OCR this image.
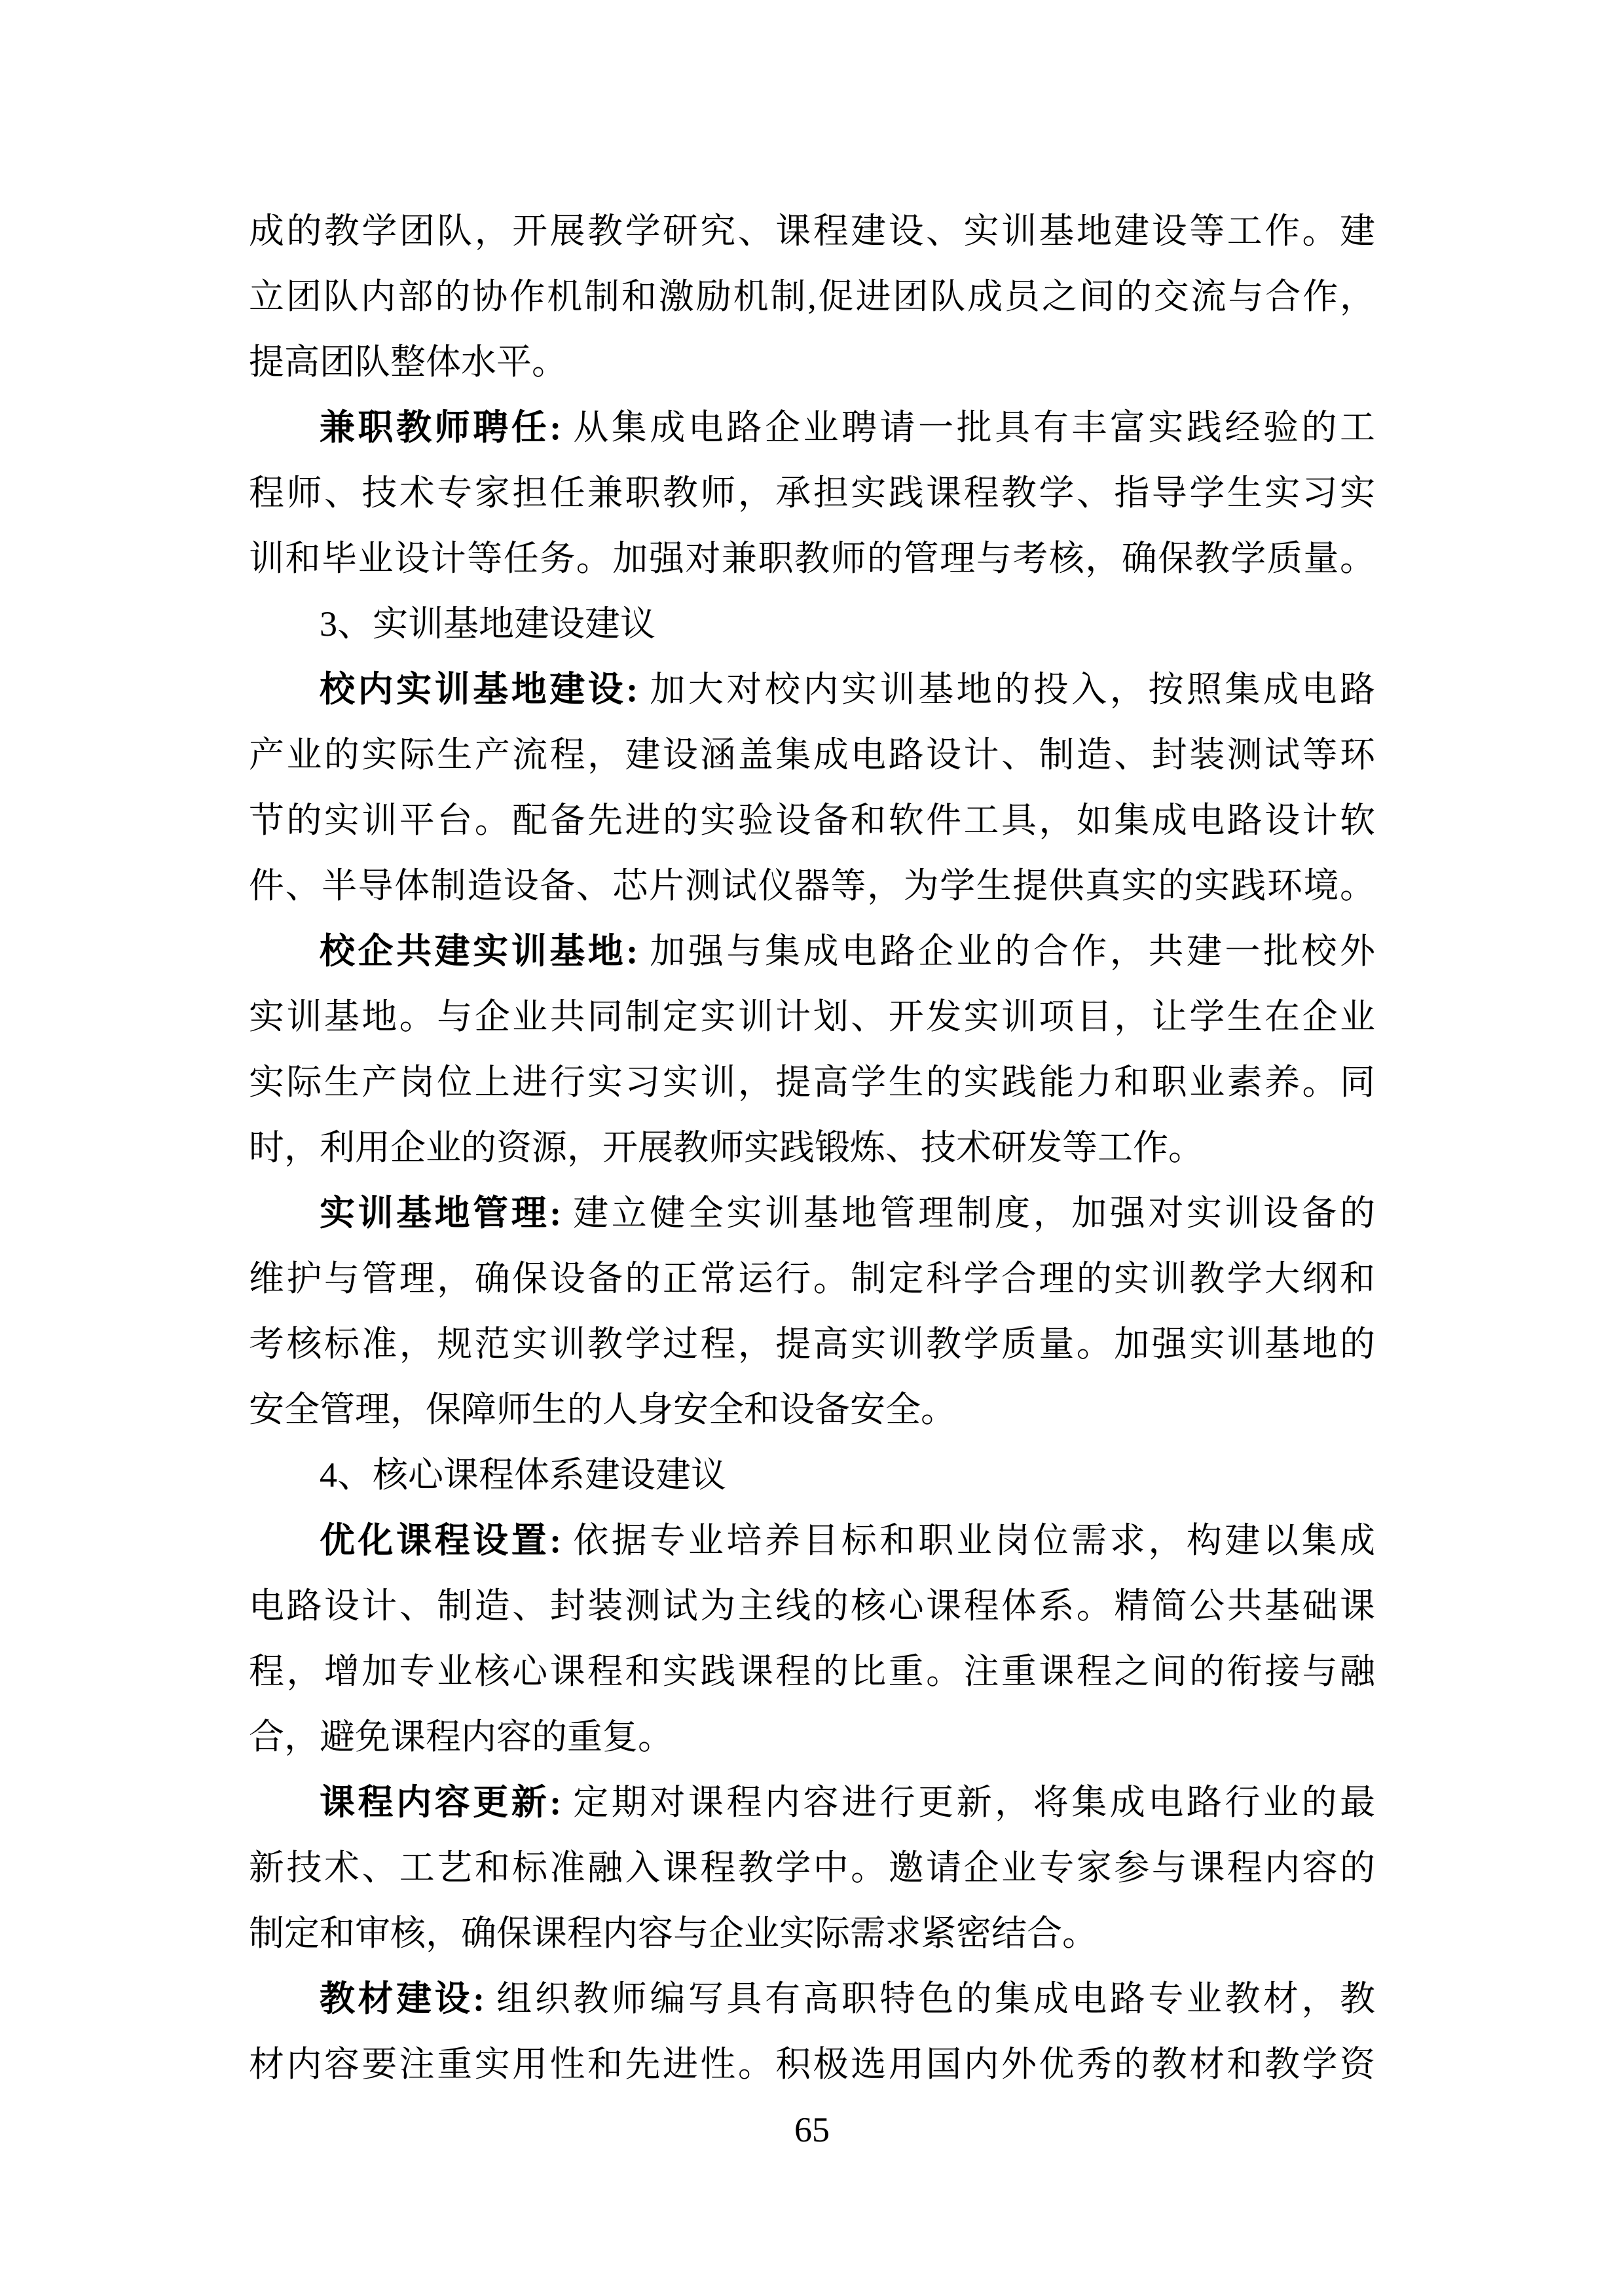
成的教学团队，开展教学研究、课程建设、实训基地建设等工作。建
立团队内部的协作机制和激励机制,促进团队成员之间的交流与合作，
提高团队整体水平。
兼职教师聘任: 从集成电路企业聘请一批具有丰富实践经验的工
程师、技术专家担任兼职教师，承担实践课程教学、指导学生实习实
训和毕业设计等任务。加强对兼职教师的管理与考核，确保教学质量。
3、实训基地建设建议
校内实训基地建设: 加大对校内实训基地的投入，按照集成电路
产业的实际生产流程，建设涵盖集成电路设计、制造、封装测试等环
节的实训平台。配备先进的实验设备和软件工具，如集成电路设计软
件、半导体制造设备、芯片测试仪器等，为学生提供真实的实践环境。
校企共建实训基地: 加强与集成电路企业的合作，共建一批校外
实训基地。与企业共同制定实训计划、开发实训项目，让学生在企业
实际生产岗位上进行实习实训，提高学生的实践能力和职业素养。同
时，利用企业的资源，开展教师实践锻炼、技术研发等工作。
实训基地管理: 建立健全实训基地管理制度，加强对实训设备的
维护与管理，确保设备的正常运行。制定科学合理的实训教学大纲和
考核标准，规范实训教学过程，提高实训教学质量。加强实训基地的
安全管理，保障师生的人身安全和设备安全。
4、核心课程体系建设建议
优化课程设置: 依据专业培养目标和职业岗位需求，构建以集成
电路设计、制造、封装测试为主线的核心课程体系。精简公共基础课
程，增加专业核心课程和实践课程的比重。注重课程之间的衔接与融
合，避免课程内容的重复。
课程内容更新: 定期对课程内容进行更新，将集成电路行业的最
新技术、工艺和标准融入课程教学中。邀请企业专家参与课程内容的
制定和审核，确保课程内容与企业实际需求紧密结合。
教材建设: 组织教师编写具有高职特色的集成电路专业教材，教
材内容要注重实用性和先进性。积极选用国内外优秀的教材和教学资
65
